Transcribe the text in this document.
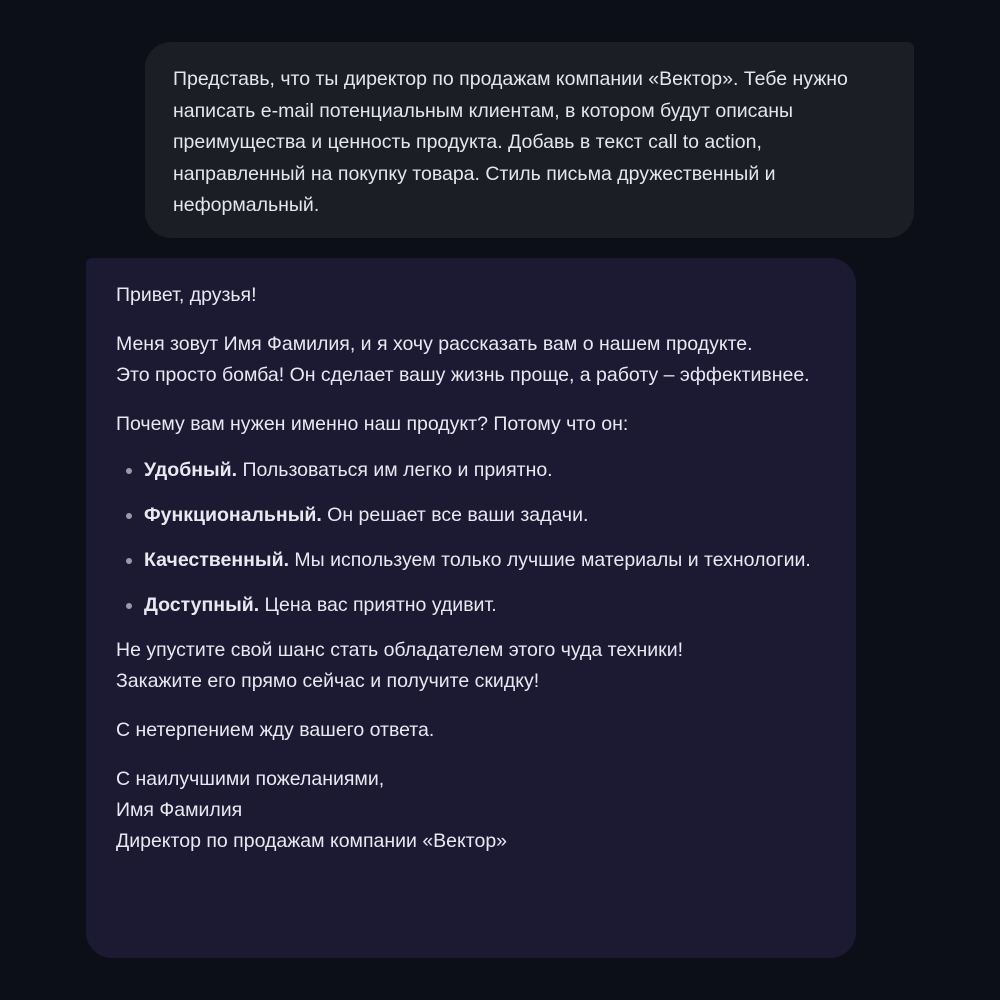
Представь, что ты директор по продажам компании «Вектор». Тебе нужно написать e-mail потенциальным клиентам, в котором будут описаны преимущества и ценность продукта. Добавь в текст call to action, направленный на покупку товара. Стиль письма дружественный и неформальный.

Привет, друзья!

Меня зовут Имя Фамилия, и я хочу рассказать вам о нашем продукте.
Это просто бомба! Он сделает вашу жизнь проще, а работу – эффективнее.

Почему вам нужен именно наш продукт? Потому что он:

Удобный. Пользоваться им легко и приятно.
Функциональный. Он решает все ваши задачи.
Качественный. Мы используем только лучшие материалы и технологии.
Доступный. Цена вас приятно удивит.

Не упустите свой шанс стать обладателем этого чуда техники!
Закажите его прямо сейчас и получите скидку!

С нетерпением жду вашего ответа.

С наилучшими пожеланиями,
Имя Фамилия
Директор по продажам компании «Вектор»
